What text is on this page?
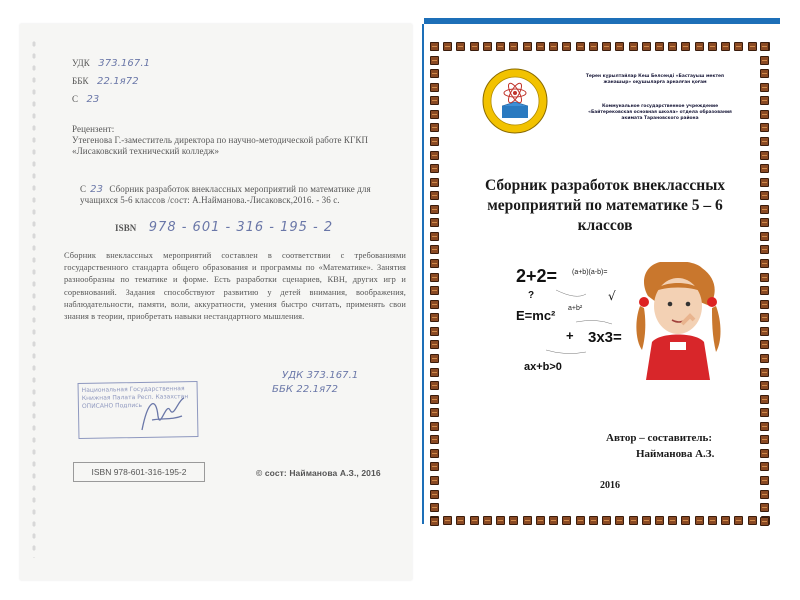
УДК 373.167.1
ББК 22.1я72
С 23
Рецензент:
Утегенова Г.-заместитель директора по научно-методической работе КГКП
«Лисаковский технический колледж»
С 23 Сборник разработок внеклассных мероприятий по математике для учащихся 5-6 классов /сост: А.Найманова.-Лисаковск,2016. - 36 с.
ISBN 978 - 601 - 316 - 195 - 2
Сборник внеклассных мероприятий составлен в соответствии с требованиями государственного стандарта общего образования и программы по «Математике». Занятия разнообразны по тематике и форме. Есть разработки сценариев, КВН, других игр и соревнований. Задания способствуют развитию у детей внимания, воображения, наблюдательности, памяти, воли, аккуратности, умения быстро считать, применять свои знания в теории, приобретать навыки нестандартного мышления.
УДК 373.167.1
ББК 22.1я72
Национальная Государственная Книжная Палата Респ. Казахстан ОПИСАНО Подпись
ISBN 978-601-316-195-2	© сост: Найманова А.З., 2016
Терен кұрылтайлар Кеш Белсенді «Бастауыш мектеп жанашыр» оқушыларға арналған қоғам
Коммунальное государственное учреждение «Байтерековская основная школа» отдела образования акимата Тарановского района
Сборник разработок внеклассных мероприятий по математике 5 – 6 классов
2+2= (a+b)(a-b)=
E=mc² a+b²
3x3=
ax+b>0
?
+
√
Автор – составитель:
Найманова А.З.
2016
